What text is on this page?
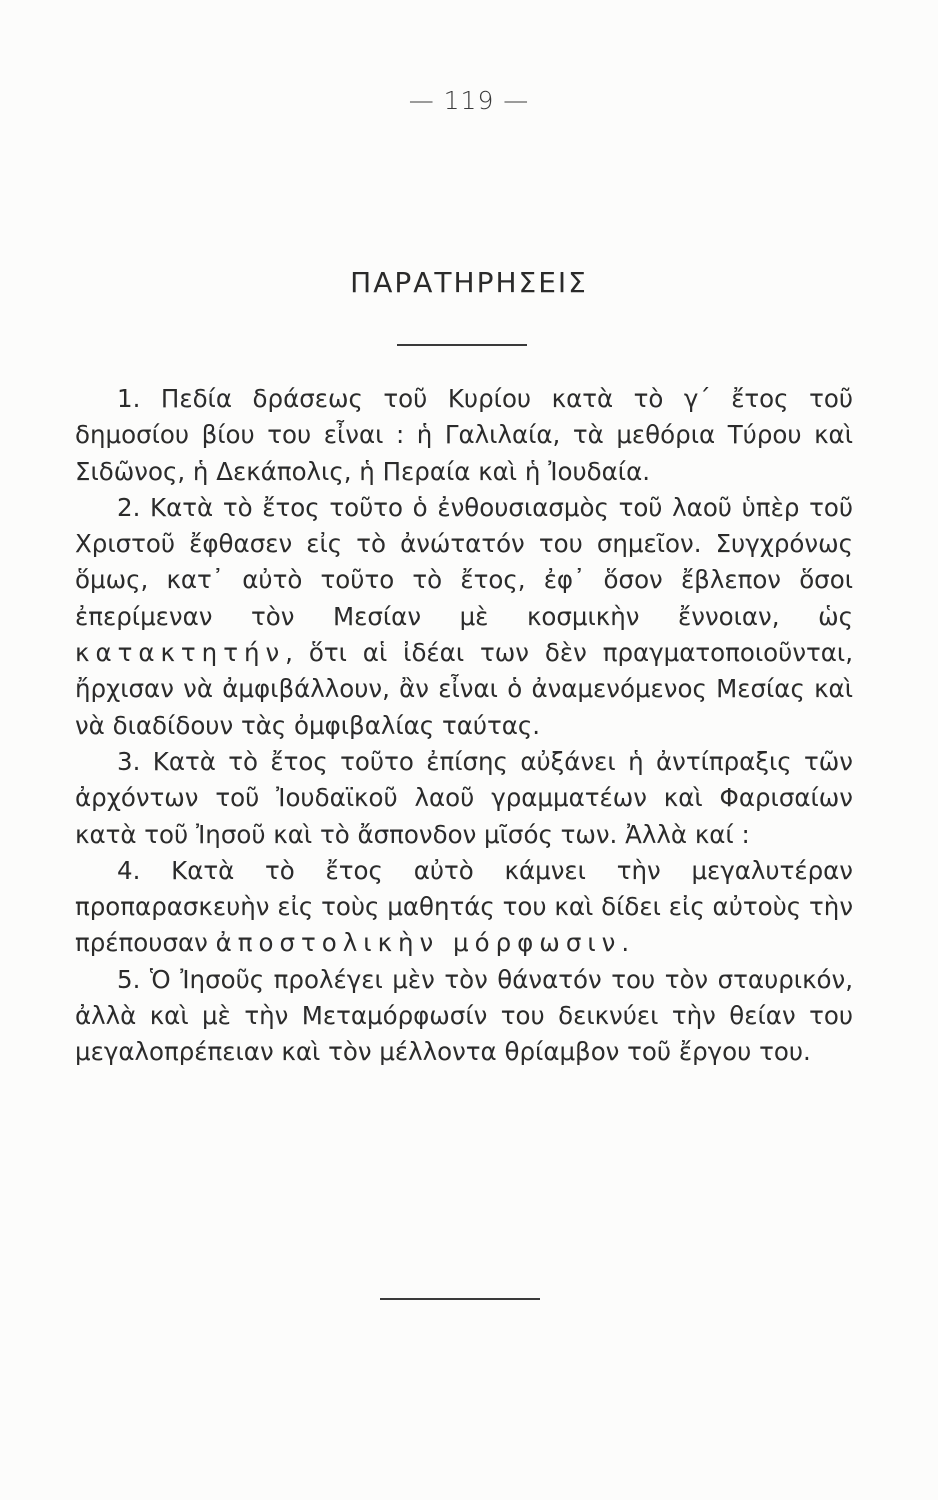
— 119 —
ΠΑΡΑΤΗΡΗΣΕΙΣ

1. Πεδία δράσεως τοῦ Κυρίου κατὰ τὸ γ΄ ἔτος τοῦ δημοσίου βίου του εἶναι : ἡ Γαλιλαία, τὰ μεθόρια Τύρου καὶ Σιδῶνος, ἡ Δεκάπολις, ἡ Περαία καὶ ἡ Ἰουδαία.

2. Κατὰ τὸ ἔτος τοῦτο ὁ ἐνθουσιασμὸς τοῦ λαοῦ ὑπὲρ τοῦ Χριστοῦ ἔφθασεν εἰς τὸ ἀνώτατόν του σημεῖον. Συγχρόνως ὅμως, κατ᾽ αὐτὸ τοῦτο τὸ ἔτος, ἐφ᾽ ὅσον ἔβλεπον ὅσοι ἐπερίμεναν τὸν Μεσίαν μὲ κοσμικὴν ἔννοιαν, ὡς κατακτητήν, ὅτι αἱ ἰδέαι των δὲν πραγματοποιοῦνται, ἤρχισαν νὰ ἀμφιβάλλουν, ἂν εἶναι ὁ ἀναμενόμενος Μεσίας καὶ νὰ διαδίδουν τὰς ὀμφιβαλίας ταύτας.

3. Κατὰ τὸ ἔτος τοῦτο ἐπίσης αὐξάνει ἡ ἀντίπραξις τῶν ἀρχόντων τοῦ Ἰουδαϊκοῦ λαοῦ γραμματέων καὶ Φαρισαίων κατὰ τοῦ Ἰησοῦ καὶ τὸ ἄσπονδον μῖσός των. Ἀλλὰ καί :

4. Κατὰ τὸ ἔτος αὐτὸ κάμνει τὴν μεγαλυτέραν προπαρασκευὴν εἰς τοὺς μαθητάς του καὶ δίδει εἰς αὐτοὺς τὴν πρέπουσαν ἀποστολικὴν μόρφωσιν.

5. Ὁ Ἰησοῦς προλέγει μὲν τὸν θάνατόν του τὸν σταυρικόν, ἀλλὰ καὶ μὲ τὴν Μεταμόρφωσίν του δεικνύει τὴν θείαν του μεγαλοπρέπειαν καὶ τὸν μέλλοντα θρίαμβον τοῦ ἔργου του.
